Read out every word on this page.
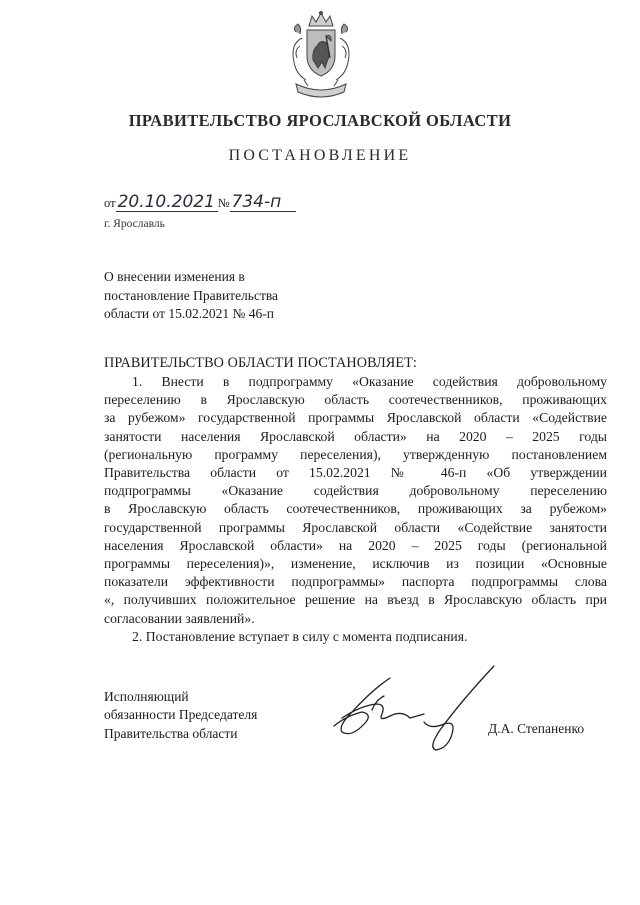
ПРАВИТЕЛЬСТВО ЯРОСЛАВСКОЙ ОБЛАСТИ
ПОСТАНОВЛЕНИЕ
от 20.10.2021 № 734-п
г. Ярославль
О внесении изменения в
постановление Правительства
области от 15.02.2021 № 46-п
ПРАВИТЕЛЬСТВО ОБЛАСТИ ПОСТАНОВЛЯЕТ:
1. Внести в подпрограмму «Оказание содействия добровольному
переселению в Ярославскую область соотечественников, проживающих
за рубежом» государственной программы Ярославской области «Содействие
занятости населения Ярославской области» на 2020 – 2025 годы
(региональную программу переселения), утвержденную постановлением
Правительства области от 15.02.2021 № 46-п «Об утверждении
подпрограммы «Оказание содействия добровольному переселению
в Ярославскую область соотечественников, проживающих за рубежом»
государственной программы Ярославской области «Содействие занятости
населения Ярославской области» на 2020 – 2025 годы (региональной
программы переселения)», изменение, исключив из позиции «Основные
показатели эффективности подпрограммы» паспорта подпрограммы слова
«, получивших положительное решение на въезд в Ярославскую область при
согласовании заявлений».
2. Постановление вступает в силу с момента подписания.
Исполняющий
обязанности Председателя
Правительства области	Д.А. Степаненко
